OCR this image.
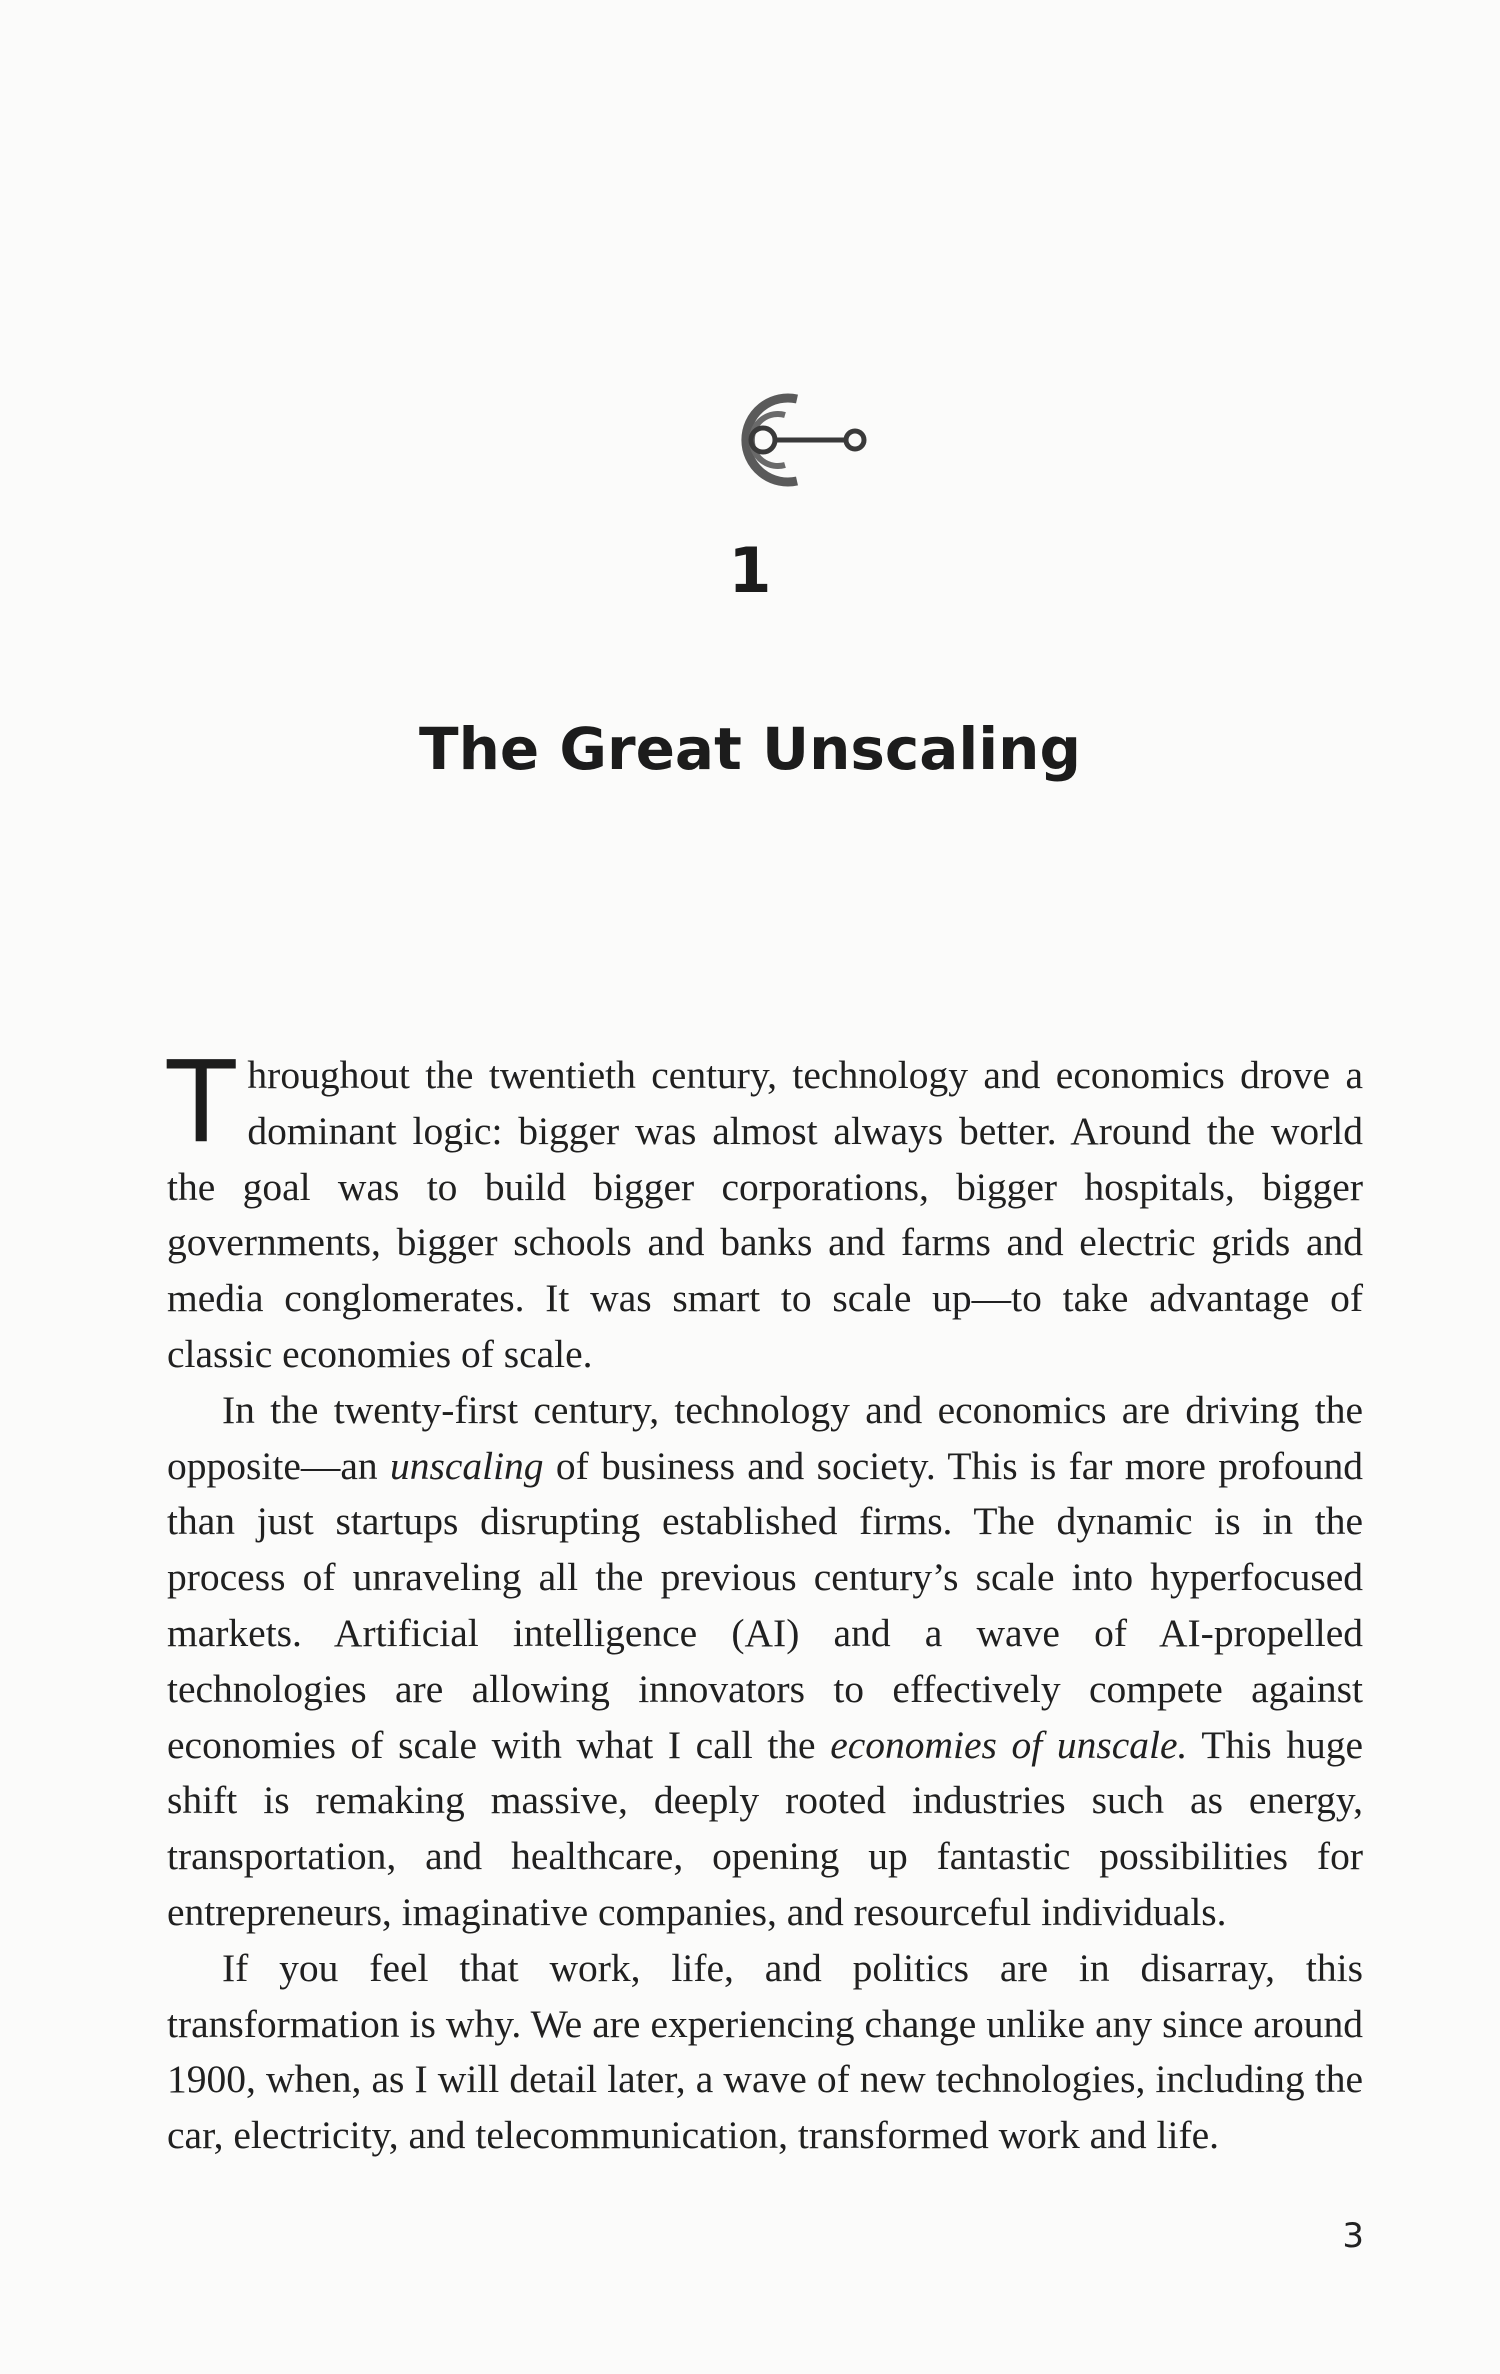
1
The Great Unscaling

Throughout the twentieth century, technology and economics drove a dominant logic: bigger was almost always better. Around the world the goal was to build bigger corporations, bigger hospitals, bigger governments, bigger schools and banks and farms and electric grids and media conglomerates. It was smart to scale up—to take advantage of classic economies of scale.

In the twenty-first century, technology and economics are driving the opposite—an unscaling of business and society. This is far more profound than just startups disrupting established firms. The dynamic is in the process of unraveling all the previous century’s scale into hyperfocused markets. Artificial intelligence (AI) and a wave of AI-propelled technologies are allowing innovators to effectively compete against economies of scale with what I call the economies of unscale. This huge shift is remaking massive, deeply rooted industries such as energy, transportation, and healthcare, opening up fantastic possibilities for entrepreneurs, imaginative companies, and resourceful individuals.

If you feel that work, life, and politics are in disarray, this transformation is why. We are experiencing change unlike any since around 1900, when, as I will detail later, a wave of new technologies, including the car, electricity, and telecommunication, transformed work and life.

3
